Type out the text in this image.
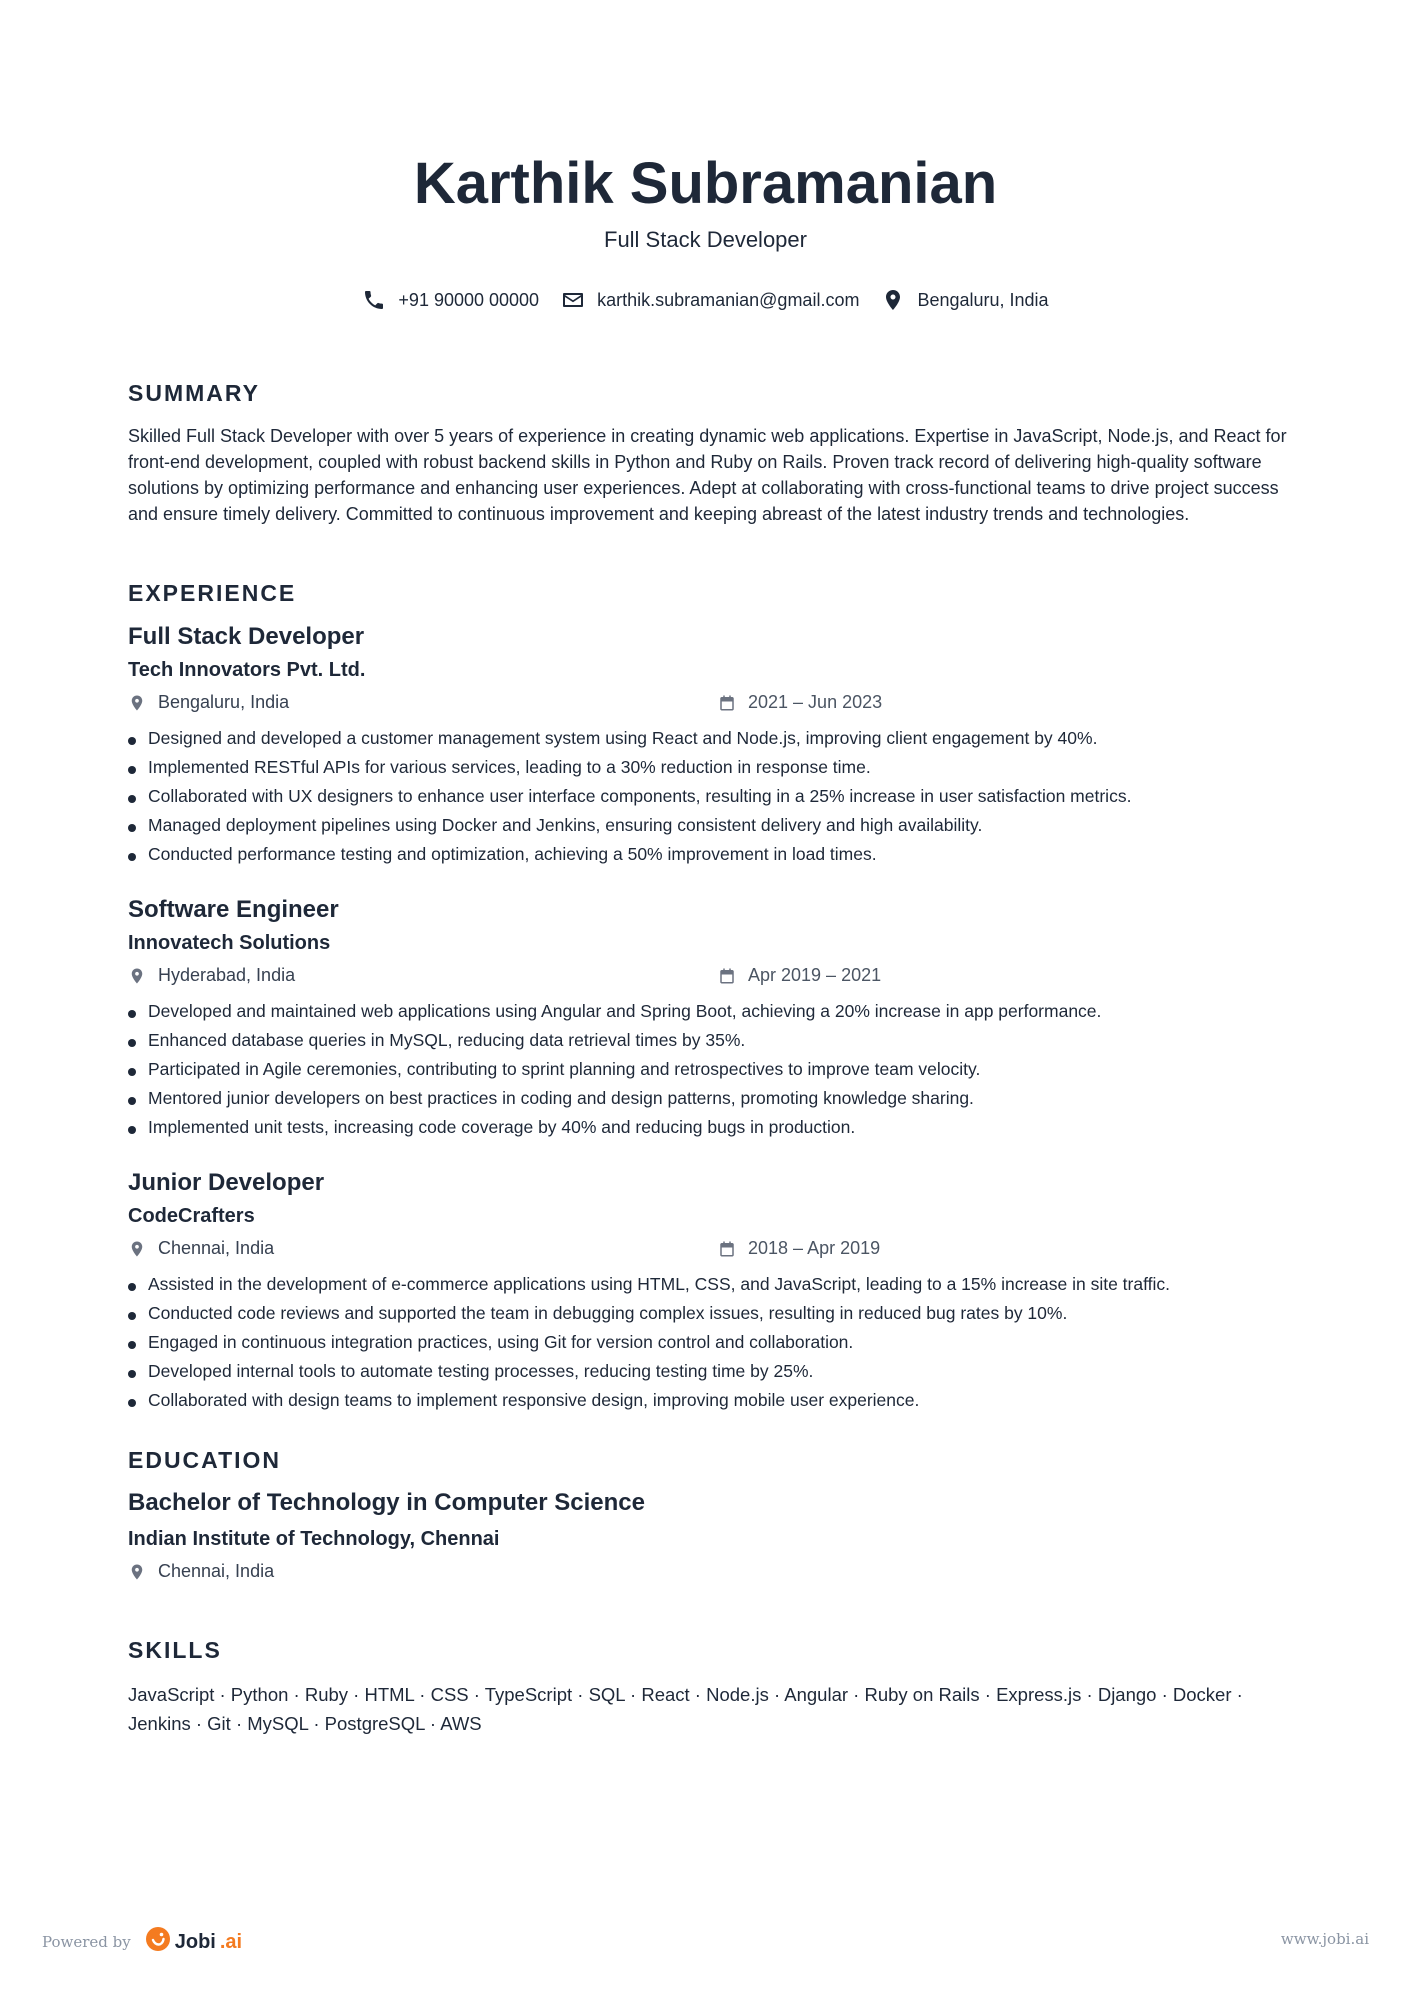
Karthik Subramanian
Full Stack Developer
+91 90000 00000	karthik.subramanian@gmail.com	Bengaluru, India
SUMMARY
Skilled Full Stack Developer with over 5 years of experience in creating dynamic web applications. Expertise in JavaScript, Node.js, and React for front-end development, coupled with robust backend skills in Python and Ruby on Rails. Proven track record of delivering high-quality software solutions by optimizing performance and enhancing user experiences. Adept at collaborating with cross-functional teams to drive project success and ensure timely delivery. Committed to continuous improvement and keeping abreast of the latest industry trends and technologies.
EXPERIENCE
Full Stack Developer
Tech Innovators Pvt. Ltd.
Bengaluru, India	2021 – Jun 2023
Designed and developed a customer management system using React and Node.js, improving client engagement by 40%.
Implemented RESTful APIs for various services, leading to a 30% reduction in response time.
Collaborated with UX designers to enhance user interface components, resulting in a 25% increase in user satisfaction metrics.
Managed deployment pipelines using Docker and Jenkins, ensuring consistent delivery and high availability.
Conducted performance testing and optimization, achieving a 50% improvement in load times.
Software Engineer
Innovatech Solutions
Hyderabad, India	Apr 2019 – 2021
Developed and maintained web applications using Angular and Spring Boot, achieving a 20% increase in app performance.
Enhanced database queries in MySQL, reducing data retrieval times by 35%.
Participated in Agile ceremonies, contributing to sprint planning and retrospectives to improve team velocity.
Mentored junior developers on best practices in coding and design patterns, promoting knowledge sharing.
Implemented unit tests, increasing code coverage by 40% and reducing bugs in production.
Junior Developer
CodeCrafters
Chennai, India	2018 – Apr 2019
Assisted in the development of e-commerce applications using HTML, CSS, and JavaScript, leading to a 15% increase in site traffic.
Conducted code reviews and supported the team in debugging complex issues, resulting in reduced bug rates by 10%.
Engaged in continuous integration practices, using Git for version control and collaboration.
Developed internal tools to automate testing processes, reducing testing time by 25%.
Collaborated with design teams to implement responsive design, improving mobile user experience.
EDUCATION
Bachelor of Technology in Computer Science
Indian Institute of Technology, Chennai
Chennai, India
SKILLS
JavaScript · Python · Ruby · HTML · CSS · TypeScript · SQL · React · Node.js · Angular · Ruby on Rails · Express.js · Django · Docker · Jenkins · Git · MySQL · PostgreSQL · AWS
Powered by Jobi .ai	www.jobi.ai
